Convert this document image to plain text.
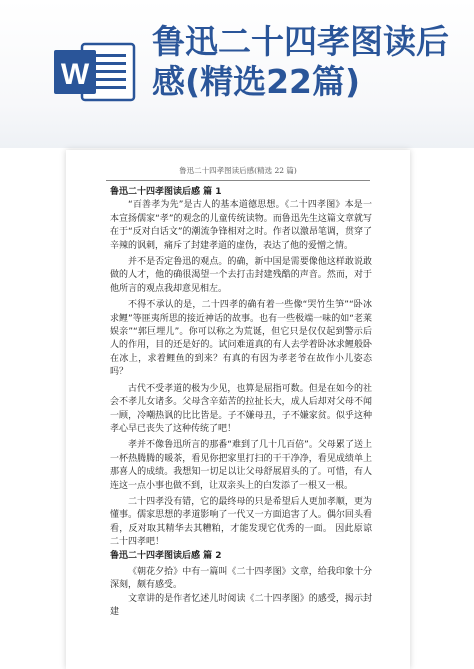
W
鲁迅二十四孝图读后感(精选22篇)
鲁迅二十四孝图读后感(精选 22 篇)

鲁迅二十四孝图读后感 篇 1

“百善孝为先”是古人的基本道德思想。《二十四孝图》本是一本宣扬儒家“孝”的观念的儿童传统读物。而鲁迅先生这篇文章就写在于“反对白话文”的潮流争锋相对之时。作者以激昂笔调，贯穿了辛辣的讽刺，痛斥了封建孝道的虚伪，表达了他的爱憎之情。

并不是否定鲁迅的观点。的确，新中国是需要像他这样敢说敢做的人才，他的确很渴望一个去打击封建残酷的声音。然而，对于他所言的观点我却意见相左。

不得不承认的是，二十四孝的确有着一些像“哭竹生笋”“卧冰求鲤”等匪夷所思的接近神话的故事。也有一些极端一味的如“老莱娱亲”“郭巨埋儿”。你可以称之为荒诞，但它只是仅仅起到警示后人的作用，目的还是好的。试问难道真的有人去学着卧冰求鲤般卧在冰上，求着鲤鱼的到来？有真的有因为孝老爷在故作小儿姿态吗？

古代不受孝道的极为少见，也算是屈指可数。但是在如今的社会不孝儿女诸多。父母含辛茹苦的拉扯长大，成人后却对父母不闻一顾，冷嘲热讽的比比皆是。子不嫌母丑，子不嫌家贫。似乎这种孝心早已丧失了这种传统了吧！

孝并不像鲁迅所言的那番“难到了几十几百倍”。父母累了送上一杯热腾腾的暖茶，看见你把家里打扫的干干净净，看见成绩单上那喜人的成绩。我想知一切足以让父母舒展眉头的了。可惜，有人连这一点小事也做不到，让双亲头上的白发添了一根又一根。

二十四孝没有错，它的最终母的只是希望后人更加孝顺，更为懂事。儒家思想的孝道影响了一代又一方面追害了人。偶尔回头看看，反对取其精华去其糟粕，才能发现它优秀的一面。 因此原谅二十四孝吧！

鲁迅二十四孝图读后感 篇 2

《朝花夕拾》中有一篇叫《二十四孝图》文章，给我印象十分深刻，颇有感受。

文章讲的是作者忆述儿时阅读《二十四孝图》的感受，揭示封建
